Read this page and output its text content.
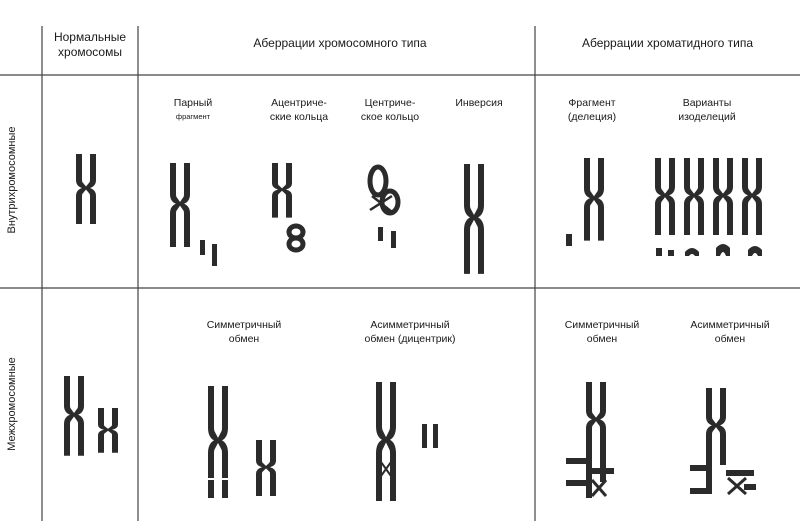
Нормальные
хромосомы
Аберрации хромосомного типа	Аберрации хроматидного типа
Внутрихромосомные
Межхромосомные
Парный
фрагмент
Ацентриче-
ские кольца
Центриче-
ское кольцо
Инверсия	Фрагмент
(делеция)
Варианты
изоделеций
Симметричный
обмен
Асимметричный
обмен (дицентрик)
Симметричный
обмен
Асимметричный
обмен
